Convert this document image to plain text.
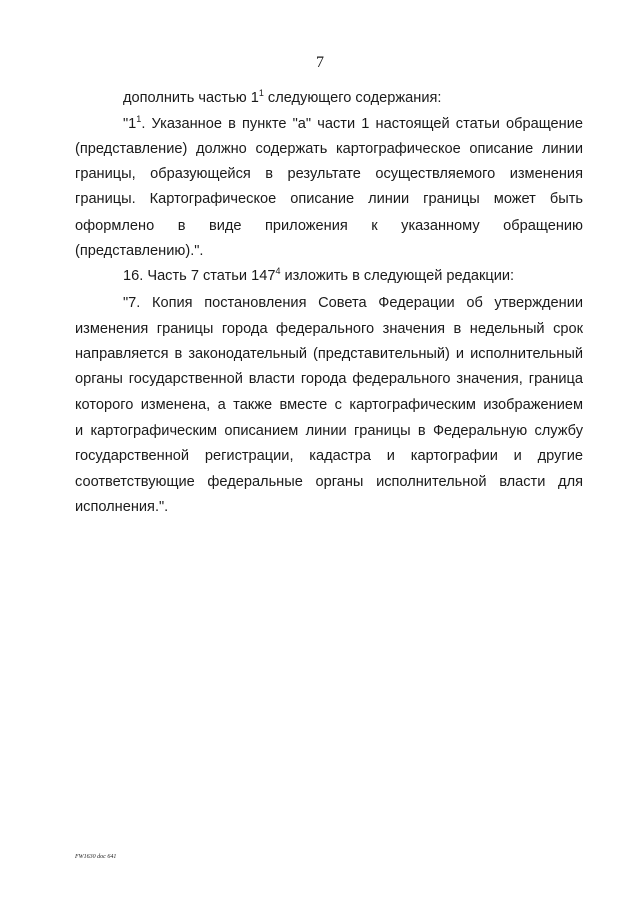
7
дополнить частью $1^1$ следующего содержания:
"$1^1$. Указанное в пункте "а" части 1 настоящей статьи обращение
(представление) должно содержать картографическое описание линии
границы, образующейся в результате осуществляемого изменения
границы. Картографическое описание линии границы может быть
оформлено в виде приложения к указанному обращению
(представлению).".
16. Часть 7 статьи $147^4$ изложить в следующей редакции:
"7. Копия постановления Совета Федерации об утверждении
изменения границы города федерального значения в недельный срок
направляется в законодательный (представительный) и исполнительный
органы государственной власти города федерального значения, граница
которого изменена, а также вместе с картографическим изображением
и картографическим описанием линии границы в Федеральную службу
государственной регистрации, кадастра и картографии и другие
соответствующие федеральные органы исполнительной власти для
исполнения.".
FW1630 doc 641
